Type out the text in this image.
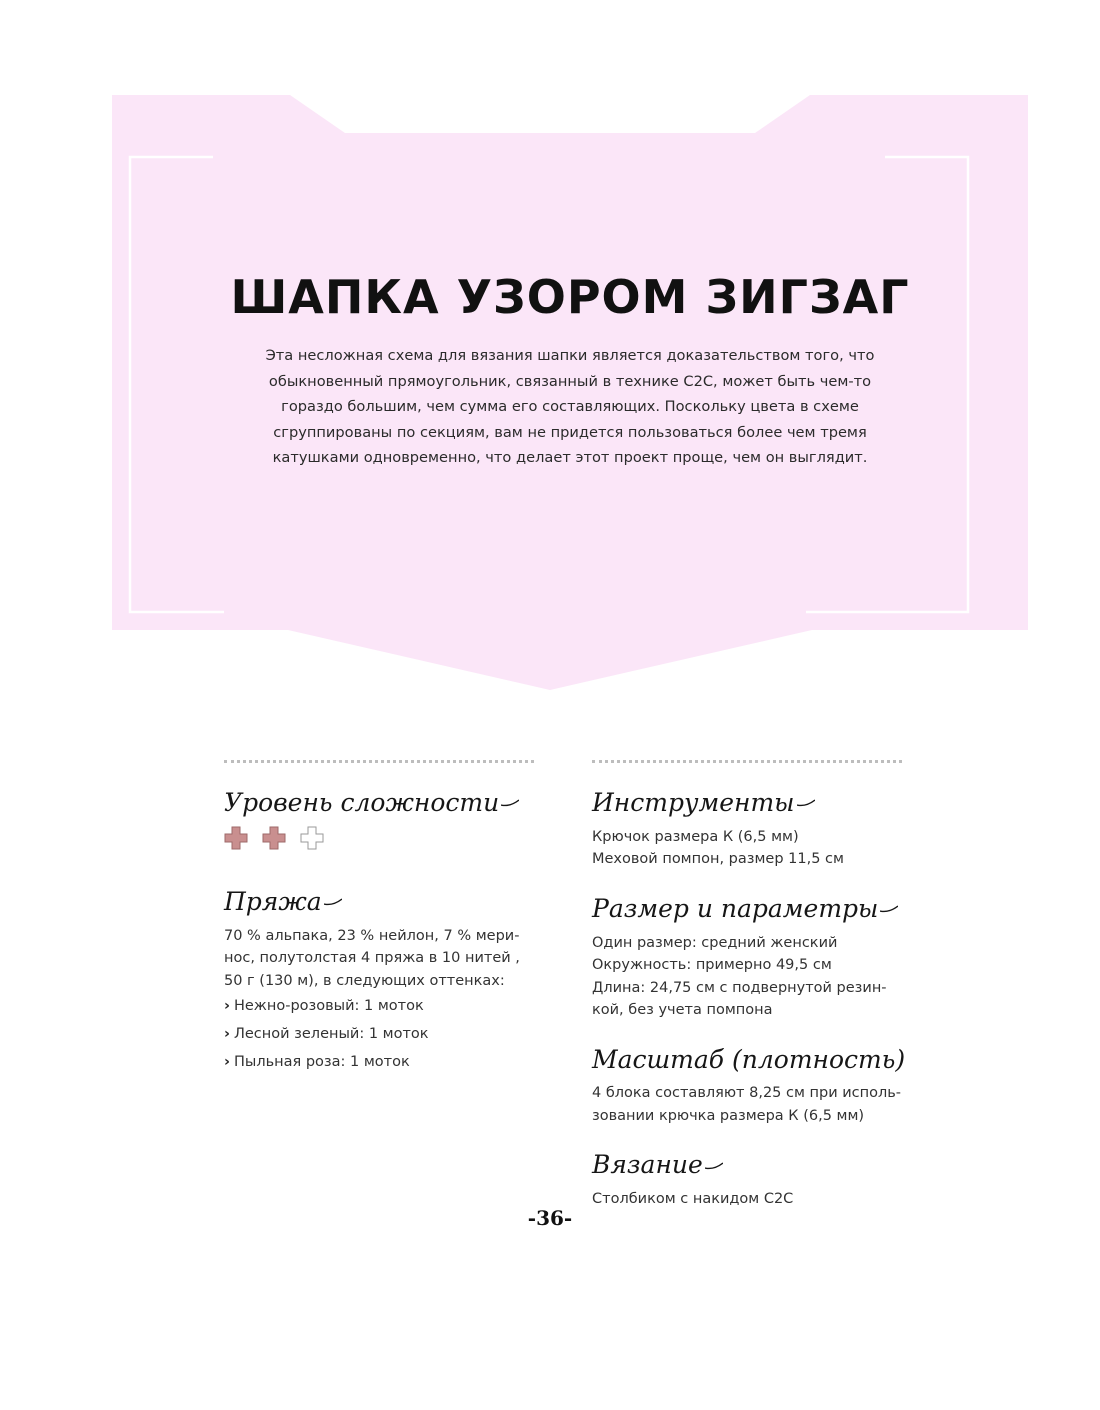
ШАПКА УЗОРОМ ЗИГЗАГ

Эта несложная схема для вязания шапки является доказательством того, что
обыкновенный прямоугольник, связанный в технике С2С, может быть чем-то
гораздо большим, чем сумма его составляющих. Поскольку цвета в схеме
сгруппированы по секциям, вам не придется пользоваться более чем тремя
катушками одновременно, что делает этот проект проще, чем он выглядит.

Уровень сложности
Пряжа
70 % альпака, 23 % нейлон, 7 % мери-
нос, полутолстая 4 пряжа в 10 нитей ,
50 г (130 м), в следующих оттенках:
› Нежно-розовый: 1 моток
› Лесной зеленый: 1 моток
› Пыльная роза: 1 моток
Инструменты
Крючок размера К (6,5 мм)
Меховой помпон, размер 11,5 см
Размер и параметры
Один размер: средний женский
Окружность: примерно 49,5 см
Длина: 24,75 см с подвернутой резин-
кой, без учета помпона
Масштаб (плотность)
4 блока составляют 8,25 см при исполь-
зовании крючка размера К (6,5 мм)
Вязание
Столбиком с накидом С2С
-36-
